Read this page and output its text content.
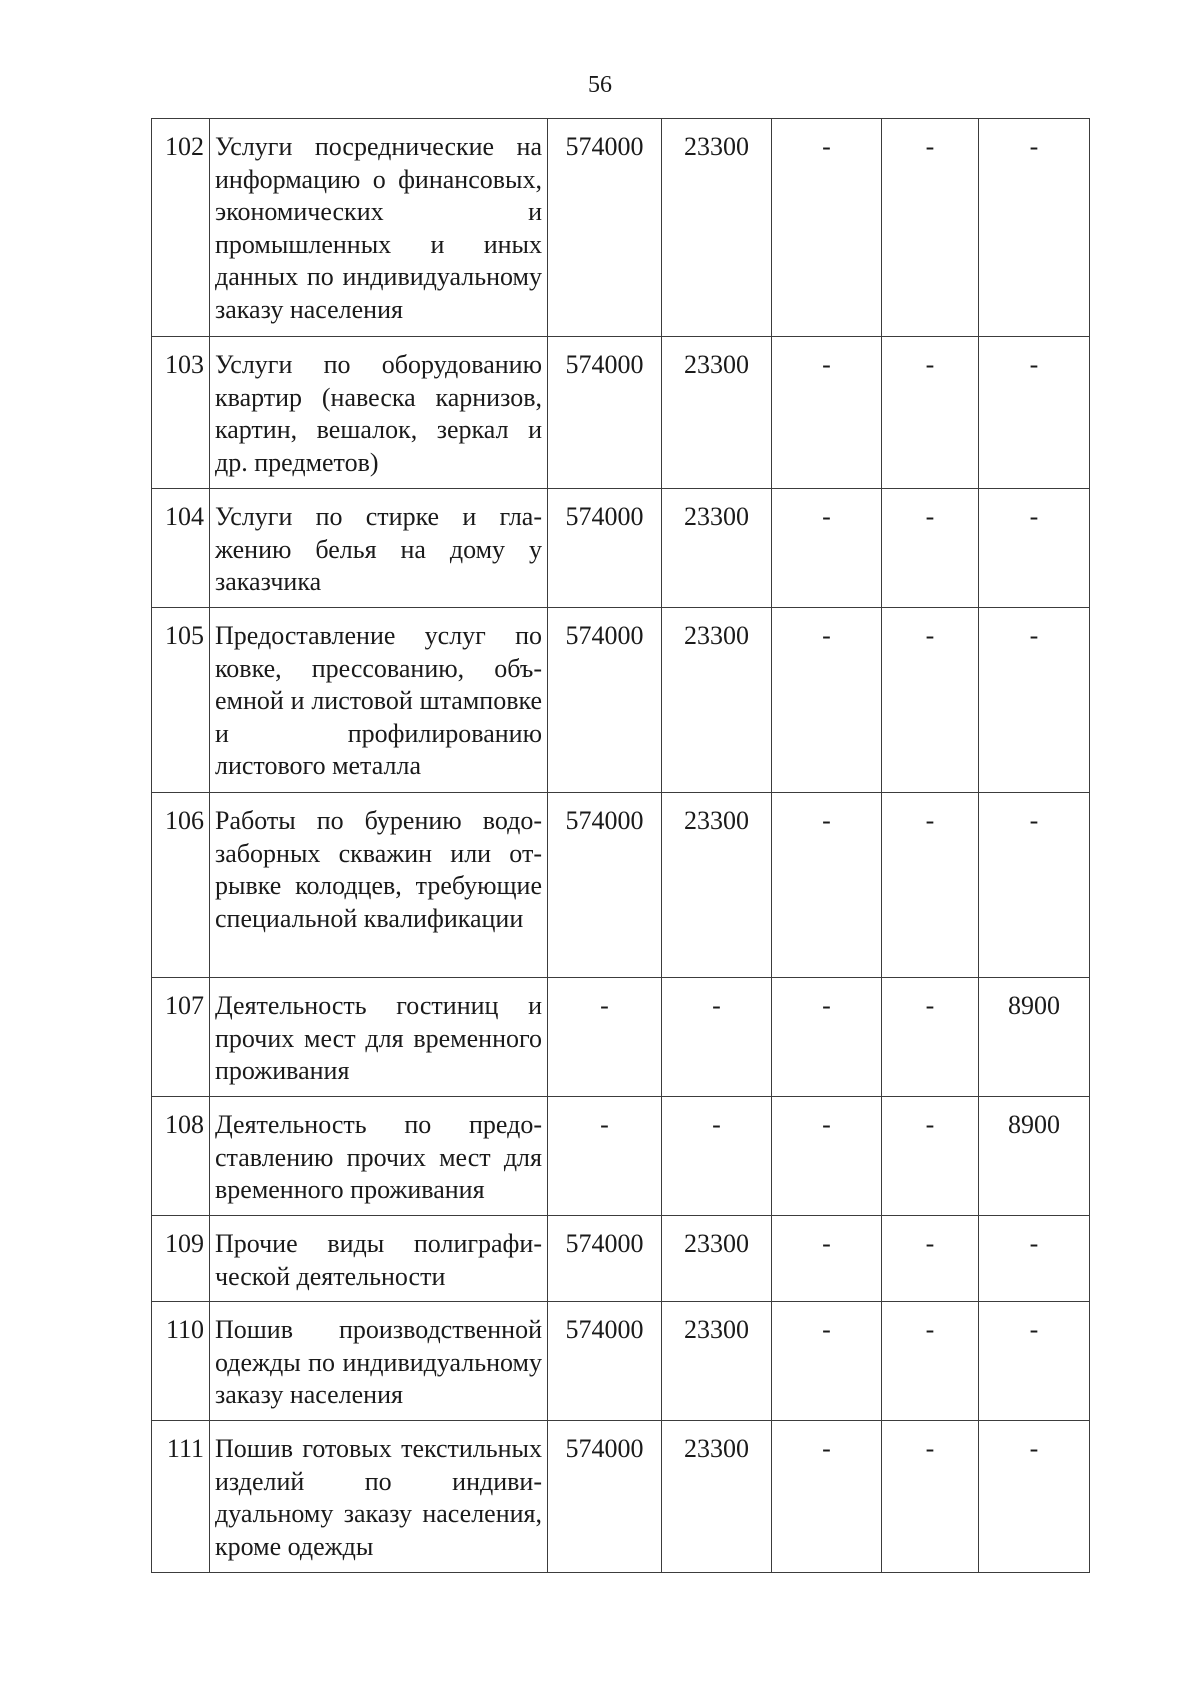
56
102	Услуги посреднические на информацию о финансовых, экономических и промышленных и иных данных по индивидуальному заказу населения	574000	23300	-	-	-
103	Услуги по оборудованию квартир (навеска карнизов, картин, вешалок, зеркал и др. предметов)	574000	23300	-	-	-
104	Услуги по стирке и глажению белья на дому у заказчика	574000	23300	-	-	-
105	Предоставление услуг по ковке, прессованию, объемной и листовой штамповке и профилированию листового металла	574000	23300	-	-	-
106	Работы по бурению водозаборных скважин или отрывке колодцев, требующие специальной квалификации	574000	23300	-	-	-
107	Деятельность гостиниц и прочих мест для временного проживания	-	-	-	-	8900
108	Деятельность по предоставлению прочих мест для временного проживания	-	-	-	-	8900
109	Прочие виды полиграфической деятельности	574000	23300	-	-	-
110	Пошив производственной одежды по индивидуальному заказу населения	574000	23300	-	-	-
111	Пошив готовых текстильных изделий по индивидуальному заказу населения, кроме одежды	574000	23300	-	-	-
